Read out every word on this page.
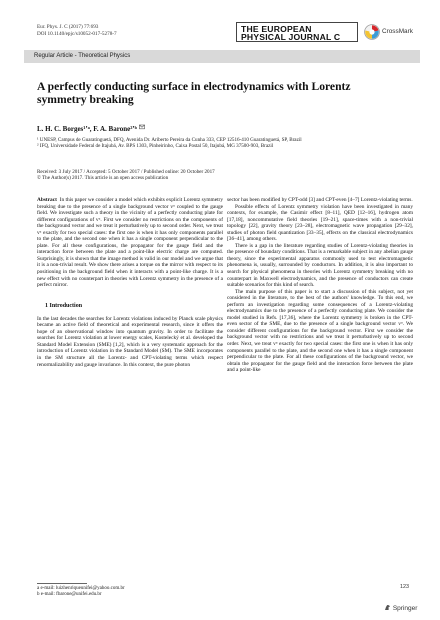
Eur. Phys. J. C (2017) 77:693
DOI 10.1140/epjc/s10052-017-5278-7
THE EUROPEAN
PHYSICAL JOURNAL C
CrossMark
Regular Article - Theoretical Physics
A perfectly conducting surface in electrodynamics with Lorentz symmetry breaking
L. H. C. Borges¹ʼᵃ, F. A. Barone²ʼᵇ
¹ UNESP, Campus de Guaratinguetá, DFQ, Avenida Dr. Ariberto Pereira da Cunha 333, CEP 12516-410 Guaratinguetá, SP, Brazil
² IFQ, Universidade Federal de Itajubá, Av. BPS 1303, Pinheirinho, Caixa Postal 50, Itajubá, MG 37500-903, Brazil
Received: 3 July 2017 / Accepted: 5 October 2017 / Published online: 20 October 2017
© The Author(s) 2017. This article is an open access publication

Abstract In this paper we consider a model which exhibits explicit Lorentz symmetry breaking due to the presence of a single background vector vᵘ coupled to the gauge field. We investigate such a theory in the vicinity of a perfectly conducting plate for different configurations of vᵘ. First we consider no restrictions on the components of the background vector and we treat it perturbatively up to second order. Next, we treat vᵘ exactly for two special cases: the first one is when it has only components parallel to the plate, and the second one when it has a single component perpendicular to the plate. For all these configurations, the propagator for the gauge field and the interaction force between the plate and a point-like electric charge are computed. Surprisingly, it is shown that the image method is valid in our model and we argue that it is a non-trivial result. We show there arises a torque on the mirror with respect to its positioning in the background field when it interacts with a point-like charge. It is a new effect with no counterpart in theories with Lorentz symmetry in the presence of a perfect mirror.

1 Introduction

In the last decades the searches for Lorentz violations induced by Planck scale physics became an active field of theoretical and experimental research, since it offers the hope of an observational window into quantum gravity. In order to facilitate the searches for Lorentz violation at lower energy scales, Kostelecký et al. developed the Standard Model Extension (SME) [1,2], which is a very systematic approach for the introduction of Lorentz violation in the Standard Model (SM). The SME incorporates in the SM structure all the Lorentz- and CPT-violating terms which respect renormalizability and gauge invariance. In this context, the pure photon

sector has been modified by CPT-odd [3] and CPT-even [4–7] Lorentz-violating terms.

Possible effects of Lorentz symmetry violation have been investigated in many contexts, for example, the Casimir effect [8–11], QED [12–16], hydrogen atom [17,18], noncommutative field theories [19–21], space-times with a non-trivial topology [22], gravity theory [23–28], electromagnetic wave propagation [29–32], studies of photon field quantization [33–35], effects on the classical electrodynamics [36–41], among others.

There is a gap in the literature regarding studies of Lorentz-violating theories in the presence of boundary conditions. That is a remarkable subject in any abelian gauge theory, since the experimental apparatus commonly used to test electromagnetic phenomena is, usually, surrounded by conductors. In addition, it is also important to search for physical phenomena in theories with Lorentz symmetry breaking with no counterpart in Maxwell electrodynamics, and the presence of conductors can create suitable scenarios for this kind of search.

The main purpose of this paper is to start a discussion of this subject, not yet considered in the literature, to the best of the authors' knowledge. To this end, we perform an investigation regarding some consequences of a Lorentz-violating electrodynamics due to the presence of a perfectly conducting plate. We consider the model studied in Refs. [17,36], where the Lorentz symmetry is broken in the CPT-even sector of the SME, due to the presence of a single background vector vᵘ. We consider different configurations for the background vector. First we consider the background vector with no restrictions and we treat it perturbatively up to second order. Next, we treat vᵘ exactly for two special cases: the first one is when it has only components parallel to the plate, and the second one when it has a single component perpendicular to the plate. For all these configurations of the background vector, we obtain the propagator for the gauge field and the interaction force between the plate and a point-like

a e-mail: luizhenriqueunifei@yahoo.com.br
b e-mail: fbarone@unifei.edu.br
123
Springer
